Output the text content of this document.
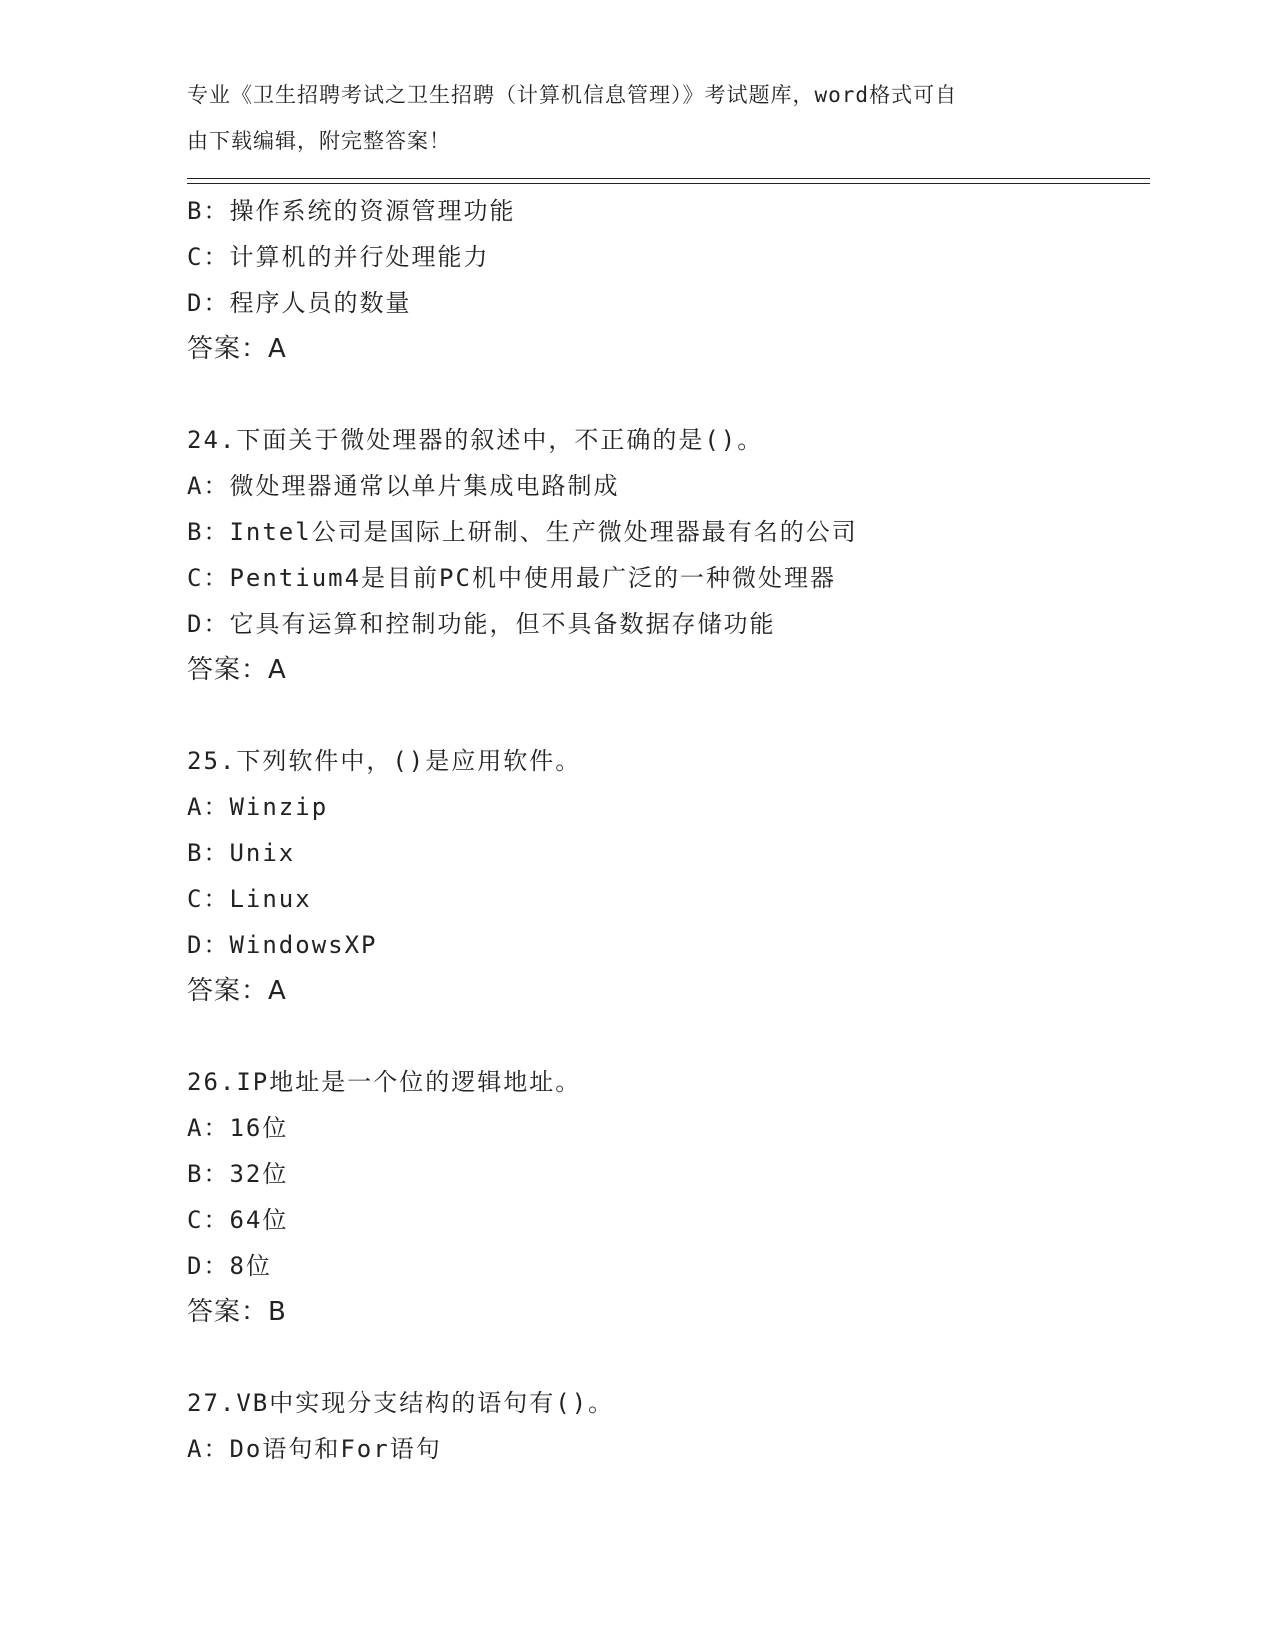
专业《卫生招聘考试之卫生招聘（计算机信息管理）》考试题库，word格式可自
由下载编辑，附完整答案！
B：操作系统的资源管理功能
C：计算机的并行处理能力
D：程序人员的数量
答案：A
24.下面关于微处理器的叙述中，不正确的是()。
A：微处理器通常以单片集成电路制成
B：Intel公司是国际上研制、生产微处理器最有名的公司
C：Pentium4是目前PC机中使用最广泛的一种微处理器
D：它具有运算和控制功能，但不具备数据存储功能
答案：A
25.下列软件中，()是应用软件。
A：Winzip
B：Unix
C：Linux
D：WindowsXP
答案：A
26.IP地址是一个位的逻辑地址。
A：16位
B：32位
C：64位
D：8位
答案：B
27.VB中实现分支结构的语句有()。
A：Do语句和For语句
